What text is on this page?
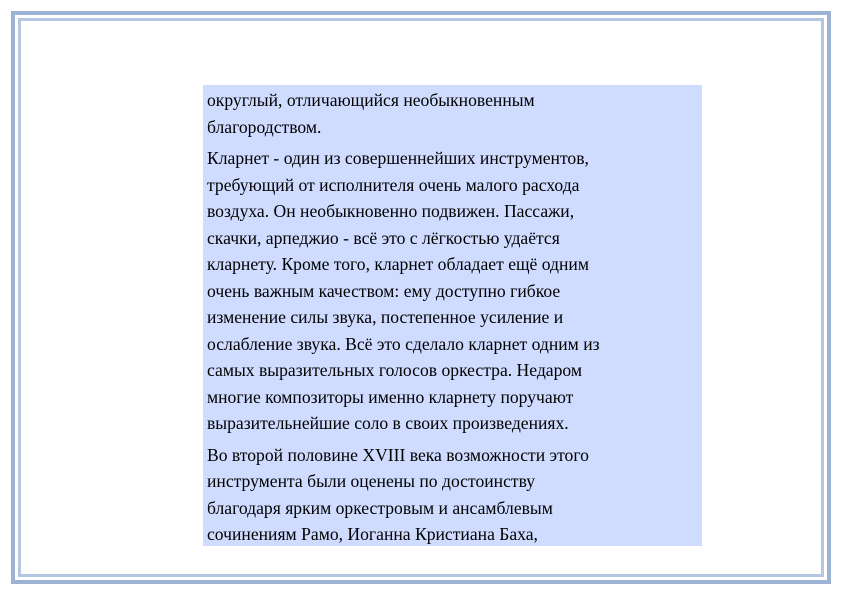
округлый, отличающийся необыкновенным
благородством.

Кларнет - один из совершеннейших инструментов,
требующий от исполнителя очень малого расхода
воздуха. Он необыкновенно подвижен. Пассажи,
скачки, арпеджио - всё это с лёгкостью удаётся
кларнету. Кроме того, кларнет обладает ещё одним
очень важным качеством: ему доступно гибкое
изменение силы звука, постепенное усиление и
ослабление звука. Всё это сделало кларнет одним из
самых выразительных голосов оркестра. Недаром
многие композиторы именно кларнету поручают
выразительнейшие соло в своих произведениях.

Во второй половине XVIII века возможности этого
инструмента были оценены по достоинству
благодаря ярким оркестровым и ансамблевым
сочинениям Рамо, Иоганна Кристиана Баха,
